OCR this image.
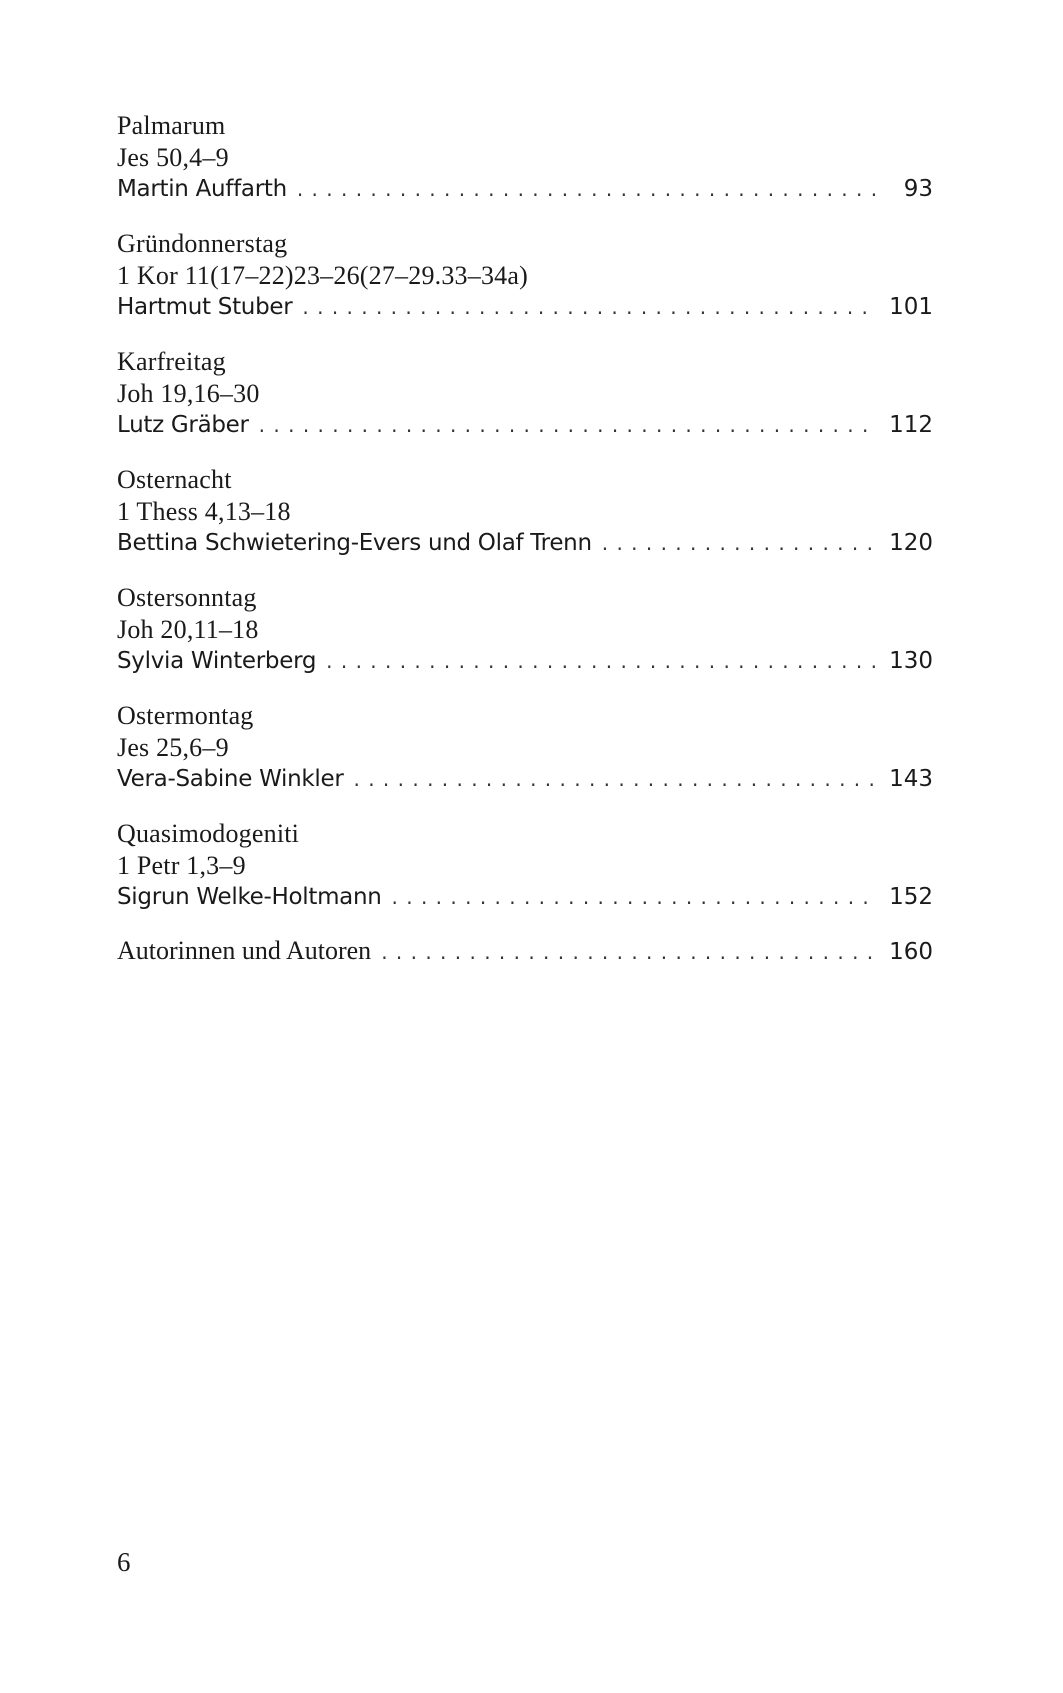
Palmarum
Jes 50,4–9
Martin Auffarth . . .	93
Gründonnerstag
1 Kor 11(17–22)23–26(27–29.33–34a)
Hartmut Stuber . . .	101
Karfreitag
Joh 19,16–30
Lutz Gräber . . .	112
Osternacht
1 Thess 4,13–18
Bettina Schwietering-Evers und Olaf Trenn . . .	120
Ostersonntag
Joh 20,11–18
Sylvia Winterberg . . .	130
Ostermontag
Jes 25,6–9
Vera-Sabine Winkler . . .	143
Quasimodogeniti
1 Petr 1,3–9
Sigrun Welke-Holtmann . . .	152
Autorinnen und Autoren . . .	160
6
